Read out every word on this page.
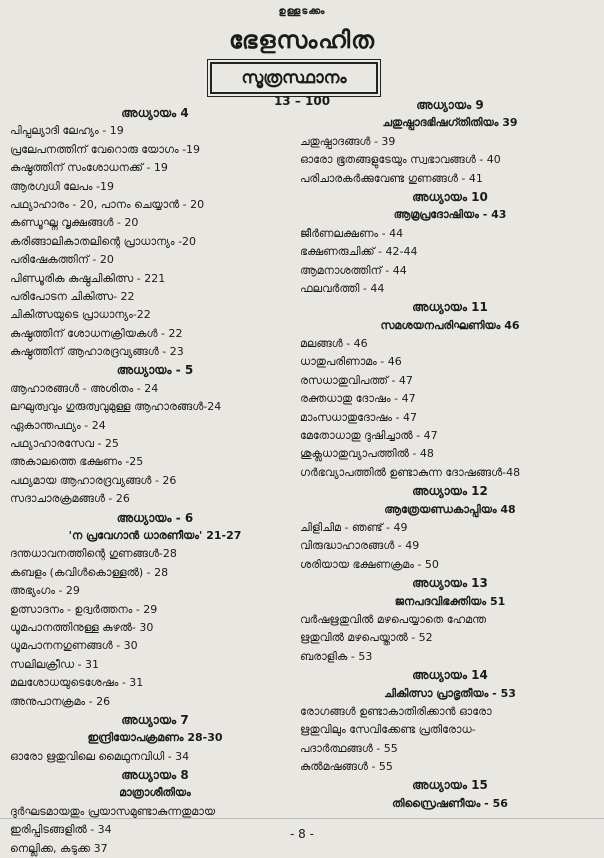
ഉള്ളടക്കം
ഭേളസംഹിത
സൂത്രസ്ഥാനം
13 – 100
അധ്യായം 4
പിപ്പല്യാദി ലേഹ്യം - 19
പ്രലേപനത്തിന് വേറൊരു യോഗം -19
കുഷ്ഠത്തിന് സംശോധനക്ക് - 19
ആരഗ്വധി ലേപം -19
പഥ്യാഹാരം - 20, പാനം ചെയ്യാൻ - 20
കണ്ഡൂഘ്ന വൃക്ഷങ്ങൾ - 20
കരിങ്ങാലികാതലിന്റെ പ്രാധാന്യം -20
പരിഷേകത്തിന് - 20
പിണ്ഡൂരിക കുഷ്ഠചികിത്സ - 221
പരിപോടന ചികിത്സ- 22
ചികിത്സയുടെ പ്രാധാന്യം-22
കുഷ്ഠത്തിന് ശോധനക്രിയകൾ - 22
കുഷ്ഠത്തിന് ആഹാരദ്രവ്യങ്ങൾ - 23
അധ്യായം - 5
ആഹാരങ്ങൾ - അശിതം - 24
ലഘുത്വവും ഗുരുത്വവുമുള്ള ആഹാരങ്ങൾ-24
ഏകാന്തപഥ്യം - 24
പഥ്യാഹാരസേവ - 25
അകാലത്തെ ഭക്ഷണം -25
പഥ്യമായ ആഹാരദ്രവ്യങ്ങൾ - 26
സദാചാരക്രമങ്ങൾ - 26
അധ്യായം - 6
'ന പ്രവേഗാൻ ധാരണീയം' 21-27
ദന്തധാവനത്തിന്റെ ഗുണങ്ങൾ-28
കബളം (കവിൾകൊള്ളൽ) - 28
അഭ്യംഗം - 29
ഉത്സാദനം - ഉദ്വർത്തനം - 29
ധൂമപാനത്തിനുള്ള കുഴൽ- 30
ധൂമപാനനഗുണങ്ങൾ - 30
സലിലക്രീഡ - 31
മലശോധയുടെശേഷം - 31
അനുപാനക്രമം - 26
അധ്യായം 7
ഇന്ദ്രിയോപക്രമണം 28-30
ഓരോ ഋതുവിലെ മൈഥുനവിധി - 34
അധ്യായം 8
മാത്രാശീതിയം
ദുർഘടമായതും പ്രയാസമുണ്ടാകുന്നതുമായ
ഇരിപ്പിടങ്ങളിൽ - 34
നെല്ലിക്ക, കടുക്ക 37
അധ്യായം 9
ചതുഷ്പാദഭിഷഗ്തിതിയം 39
ചതുഷ്പാദങ്ങൾ - 39
ഓരോ ഭൂതങ്ങളുടേയും സ്വഭാവങ്ങൾ - 40
പരിചാരകർക്കുവേണ്ട ഗുണങ്ങൾ - 41
അധ്യായം 10
ആമ്രപ്രദോഷിയം - 43
ജീർണലക്ഷണം - 44
ഭക്ഷണരുചിക്ക് - 42-44
ആമനാശത്തിന് - 44
ഫലവർത്തി - 44
അധ്യായം 11
സമശയനപരിഘണിയം 46
മലങ്ങൾ - 46
ധാതുപരിണാമം - 46
രസധാതുവിപത്ത് - 47
രക്തധാതു ദോഷം - 47
മാംസധാതുദോഷം - 47
മേതോധാതു ദുഷിച്ചാൽ - 47
ശുക്ലധാതുവ്യാപത്തിൽ - 48
ഗർഭവ്യാപത്തിൽ ഉണ്ടാകുന്ന ദോഷങ്ങൾ-48
അധ്യായം 12
ആത്രേയണ്ഡകാപ്പിയം 48
ചിളിചിമ - ഞണ്ട് - 49
വിരുദ്ധാഹാരങ്ങൾ - 49
ശരിയായ ഭക്ഷണക്രമം - 50
അധ്യായം 13
ജനപദവിഭക്തിയം 51
വർഷഋതുവിൽ മഴപെയ്യാതെ ഹേമന്ത
ഋതുവിൽ മഴപെയ്താൽ - 52
ബരാളിക - 53
അധ്യായം 14
ചികിത്സാ പ്രാഭൃതീയം - 53
രോഗങ്ങൾ ഉണ്ടാകാതിരിക്കാൻ ഓരോ
ഋതുവിലും സേവിക്കേണ്ട പ്രതിരോധ-
പദാർത്ഥങ്ങൾ - 55
കുൽമഷങ്ങൾ - 55
അധ്യായം 15
തിസ്രൈഷണീയം - 56
- 8 -
